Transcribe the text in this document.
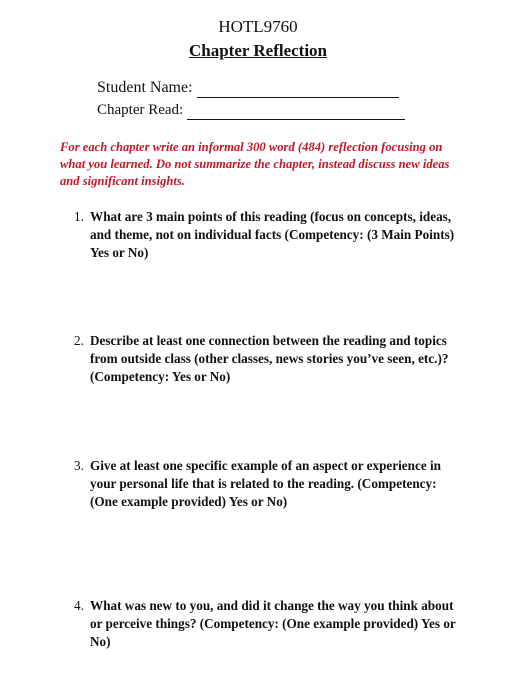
HOTL9760
Chapter Reflection
Student Name:
Chapter Read:
For each chapter write an informal 300 word (484) reflection focusing on what you learned. Do not summarize the chapter, instead discuss new ideas and significant insights.
1. What are 3 main points of this reading (focus on concepts, ideas, and theme, not on individual facts (Competency: (3 Main Points) Yes or No)
2. Describe at least one connection between the reading and topics from outside class (other classes, news stories you’ve seen, etc.)? (Competency: Yes or No)
3. Give at least one specific example of an aspect or experience in your personal life that is related to the reading. (Competency: (One example provided) Yes or No)
4. What was new to you, and did it change the way you think about or perceive things? (Competency: (One example provided) Yes or No)
